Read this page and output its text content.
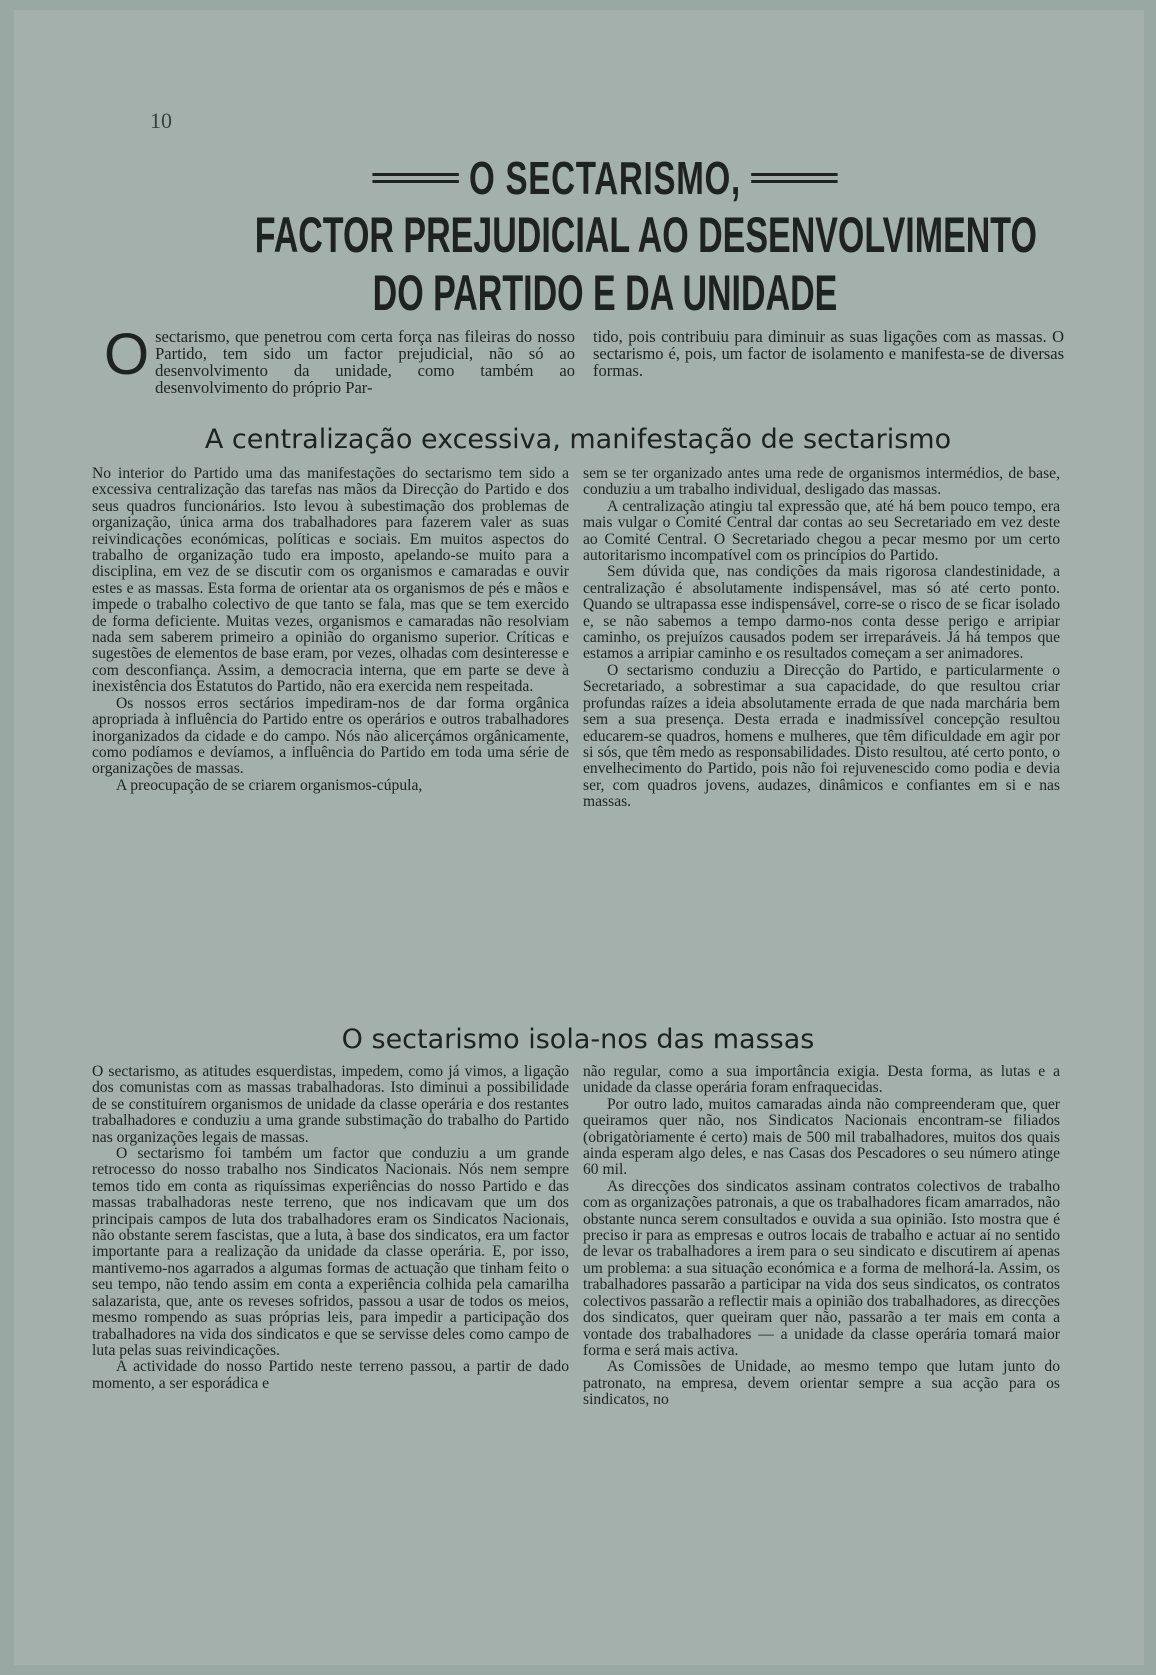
10
O SECTARISMO,
FACTOR PREJUDICIAL AO DESENVOLVIMENTO
DO PARTIDO E DA UNIDADE
O sectarismo, que penetrou com certa força nas fileiras do nosso Partido, tem sido um factor prejudicial, não só ao desenvolvimento da unidade, como também ao desenvolvimento do próprio Par-
tido, pois contribuiu para diminuir as suas ligações com as massas. O sectarismo é, pois, um factor de isolamento e manifesta-se de diversas formas.
A centralização excessiva, manifestação de sectarismo

No interior do Partido uma das manifestações do sectarismo tem sido a excessiva centralização das tarefas nas mãos da Direcção do Partido e dos seus quadros funcionários. Isto levou à subestimação dos problemas de organização, única arma dos trabalhadores para fazerem valer as suas reivindicações económicas, políticas e sociais. Em muitos aspectos do trabalho de organização tudo era imposto, apelando-se muito para a disciplina, em vez de se discutir com os organismos e camaradas e ouvir estes e as massas. Esta forma de orientar ata os organismos de pés e mãos e impede o trabalho colectivo de que tanto se fala, mas que se tem exercido de forma deficiente. Muitas vezes, organismos e camaradas não resolviam nada sem saberem primeiro a opinião do organismo superior. Críticas e sugestões de elementos de base eram, por vezes, olhadas com desinteresse e com desconfiança. Assim, a democracia interna, que em parte se deve à inexistência dos Estatutos do Partido, não era exercida nem respeitada.

Os nossos erros sectários impediram-nos de dar forma orgânica apropriada à influência do Partido entre os operários e outros trabalhadores inorganizados da cidade e do campo. Nós não alicerçámos orgânicamente, como podíamos e devíamos, a influência do Partido em toda uma série de organizações de massas.

A preocupação de se criarem organismos-cúpula,

sem se ter organizado antes uma rede de organismos intermédios, de base, conduziu a um trabalho individual, desligado das massas.

A centralização atingiu tal expressão que, até há bem pouco tempo, era mais vulgar o Comité Central dar contas ao seu Secretariado em vez deste ao Comité Central. O Secretariado chegou a pecar mesmo por um certo autoritarismo incompatível com os princípios do Partido.

Sem dúvida que, nas condições da mais rigorosa clandestinidade, a centralização é absolutamente indispensável, mas só até certo ponto. Quando se ultrapassa esse indispensável, corre-se o risco de se ficar isolado e, se não sabemos a tempo darmo-nos conta desse perigo e arripiar caminho, os prejuízos causados podem ser irreparáveis. Já há tempos que estamos a arripiar caminho e os resultados começam a ser animadores.

O sectarismo conduziu a Direcção do Partido, e particularmente o Secretariado, a sobrestimar a sua capacidade, do que resultou criar profundas raízes a ideia absolutamente errada de que nada marchária bem sem a sua presença. Desta errada e inadmissível concepção resultou educarem-se quadros, homens e mulheres, que têm dificuldade em agir por si sós, que têm medo as responsabilidades. Disto resultou, até certo ponto, o envelhecimento do Partido, pois não foi rejuvenescido como podia e devia ser, com quadros jovens, audazes, dinâmicos e confiantes em si e nas massas.

O sectarismo isola-nos das massas

O sectarismo, as atitudes esquerdistas, impedem, como já vimos, a ligação dos comunistas com as massas trabalhadoras. Isto diminui a possibilidade de se constituírem organismos de unidade da classe operária e dos restantes trabalhadores e conduziu a uma grande substimação do trabalho do Partido nas organizações legais de massas.

O sectarismo foi também um factor que conduziu a um grande retrocesso do nosso trabalho nos Sindicatos Nacionais. Nós nem sempre temos tido em conta as riquíssimas experiências do nosso Partido e das massas trabalhadoras neste terreno, que nos indicavam que um dos principais campos de luta dos trabalhadores eram os Sindicatos Nacionais, não obstante serem fascistas, que a luta, à base dos sindicatos, era um factor importante para a realização da unidade da classe operária. E, por isso, mantivemo-nos agarrados a algumas formas de actuação que tinham feito o seu tempo, não tendo assim em conta a experiência colhida pela camarilha salazarista, que, ante os reveses sofridos, passou a usar de todos os meios, mesmo rompendo as suas próprias leis, para impedir a participação dos trabalhadores na vida dos sindicatos e que se servisse deles como campo de luta pelas suas reivindicações.

A actividade do nosso Partido neste terreno passou, a partir de dado momento, a ser esporádica e

não regular, como a sua importância exigia. Desta forma, as lutas e a unidade da classe operária foram enfraquecidas.

Por outro lado, muitos camaradas ainda não compreenderam que, quer queiramos quer não, nos Sindicatos Nacionais encontram-se filiados (obrigatòriamente é certo) mais de 500 mil trabalhadores, muitos dos quais ainda esperam algo deles, e nas Casas dos Pescadores o seu número atinge 60 mil.

As direcções dos sindicatos assinam contratos colectivos de trabalho com as organizações patronais, a que os trabalhadores ficam amarrados, não obstante nunca serem consultados e ouvida a sua opinião. Isto mostra que é preciso ir para as empresas e outros locais de trabalho e actuar aí no sentido de levar os trabalhadores a irem para o seu sindicato e discutirem aí apenas um problema: a sua situação económica e a forma de melhorá-la. Assim, os trabalhadores passarão a participar na vida dos seus sindicatos, os contratos colectivos passarão a reflectir mais a opinião dos trabalhadores, as direcções dos sindicatos, quer queiram quer não, passarão a ter mais em conta a vontade dos trabalhadores — a unidade da classe operária tomará maior forma e será mais activa.

As Comissões de Unidade, ao mesmo tempo que lutam junto do patronato, na empresa, devem orientar sempre a sua acção para os sindicatos, no
